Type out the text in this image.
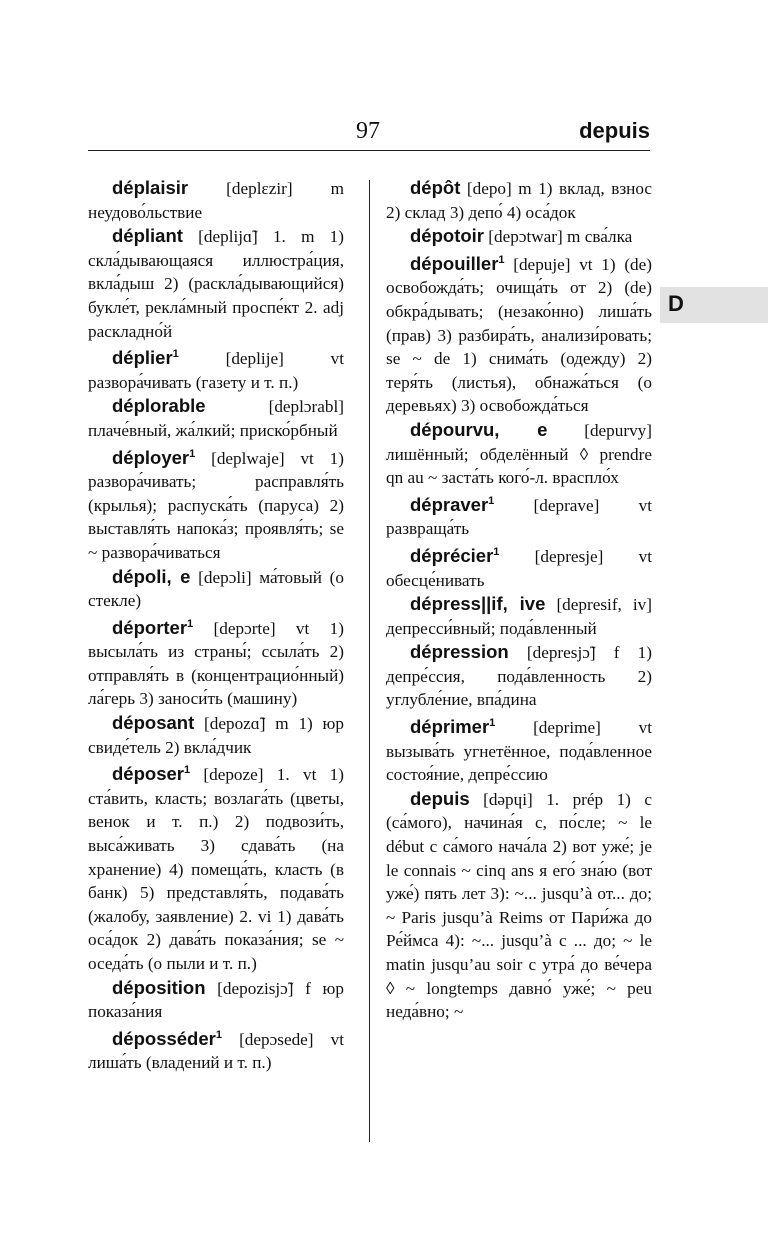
97	depuis
D

déplaisir [deplɛzir] m неудово́льствие

dépliant [deplijɑ̃] 1. m 1) скла́дывающаяся иллюстра́ция, вкла́дыш 2) (раскла́дывающийся) букле́т, рекла́мный проспе́кт 2. adj раскладно́й

déplier$^1$ [deplije] vt развора́чивать (газету и т. п.)

déplorable [deplɔrabl] плаче́вный, жа́лкий; приско́рбный

déployer$^1$ [deplwaje] vt 1) развора́чивать; расправля́ть (крылья); распуска́ть (паруса) 2) выставля́ть напока́з; проявля́ть; se ~ развора́чиваться

dépoli, e [depɔli] ма́товый (о стекле)

déporter$^1$ [depɔrte] vt 1) высыла́ть из страны́; ссыла́ть 2) отправля́ть в (концентрацио́нный) ла́герь 3) заноси́ть (машину)

déposant [depozɑ̃] m 1) юр свиде́тель 2) вкла́дчик

déposer$^1$ [depoze] 1. vt 1) ста́вить, класть; возлага́ть (цветы, венок и т. п.) 2) подвози́ть, выса́живать 3) сдава́ть (на хранение) 4) помеща́ть, класть (в банк) 5) представля́ть, подава́ть (жалобу, заявление) 2. vi 1) дава́ть оса́док 2) дава́ть показа́ния; se ~ оседа́ть (о пыли и т. п.)

déposition [depozisjɔ̃] f юр показа́ния

déposséder$^1$ [depɔsede] vt лиша́ть (владений и т. п.)

dépôt [depo] m 1) вклад, взнос 2) склад 3) депо́ 4) оса́док

dépotoir [depɔtwar] m сва́лка

dépouiller$^1$ [depuje] vt 1) (de) освобожда́ть; очища́ть от 2) (de) обкра́дывать; (незако́нно) лиша́ть (прав) 3) разбира́ть, анализи́ровать; se ~ de 1) снима́ть (одежду) 2) теря́ть (листья), обнажа́ться (о деревьях) 3) освобожда́ться

dépourvu, e [depurvy] лишённый; обделённый ◊ prendre qn au ~ заста́ть кого́-л. враспло́х

dépraver$^1$ [deprave] vt развраща́ть

déprécier$^1$ [depresje] vt обесце́нивать

dépress||if, ive [depresif, iv] депресси́вный; пода́вленный

dépression [depresjɔ̃] f 1) депре́ссия, пода́вленность 2) углубле́ние, впа́дина

déprimer$^1$ [deprime] vt вызыва́ть угнетённое, пода́вленное состоя́ние, депре́ссию

depuis [dəpɥi] 1. prép 1) с (са́мого), начина́я с, по́сле; ~ le début с са́мого нача́ла 2) вот уже́; je le connais ~ cinq ans я его́ зна́ю (вот уже́) пять лет 3): ~... jusqu’à от... до; ~ Paris jusqu’à Reims от Пари́жа до Ре́ймса 4): ~... jusqu’à с ... до; ~ le matin jusqu’au soir с утра́ до ве́чера ◊ ~ longtemps давно́ уже́; ~ peu неда́вно; ~
